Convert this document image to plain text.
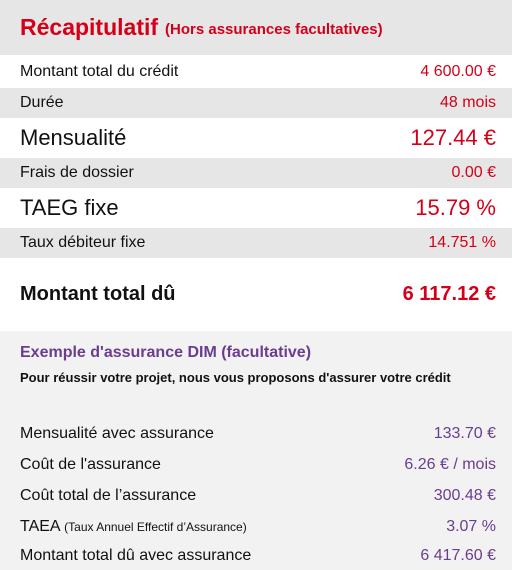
Récapitulatif (Hors assurances facultatives)
Montant total du crédit	4 600.00 €
Durée	48 mois
Mensualité	127.44 €
Frais de dossier	0.00 €
TAEG fixe	15.79 %
Taux débiteur fixe	14.751 %
Montant total dû	6 117.12 €
Exemple d'assurance DIM (facultative)
Pour réussir votre projet, nous vous proposons d'assurer votre crédit
Mensualité avec assurance	133.70 €
Coût de l'assurance	6.26 € / mois
Coût total de l’assurance	300.48 €
TAEA (Taux Annuel Effectif d’Assurance)	3.07 %
Montant total dû avec assurance	6 417.60 €
